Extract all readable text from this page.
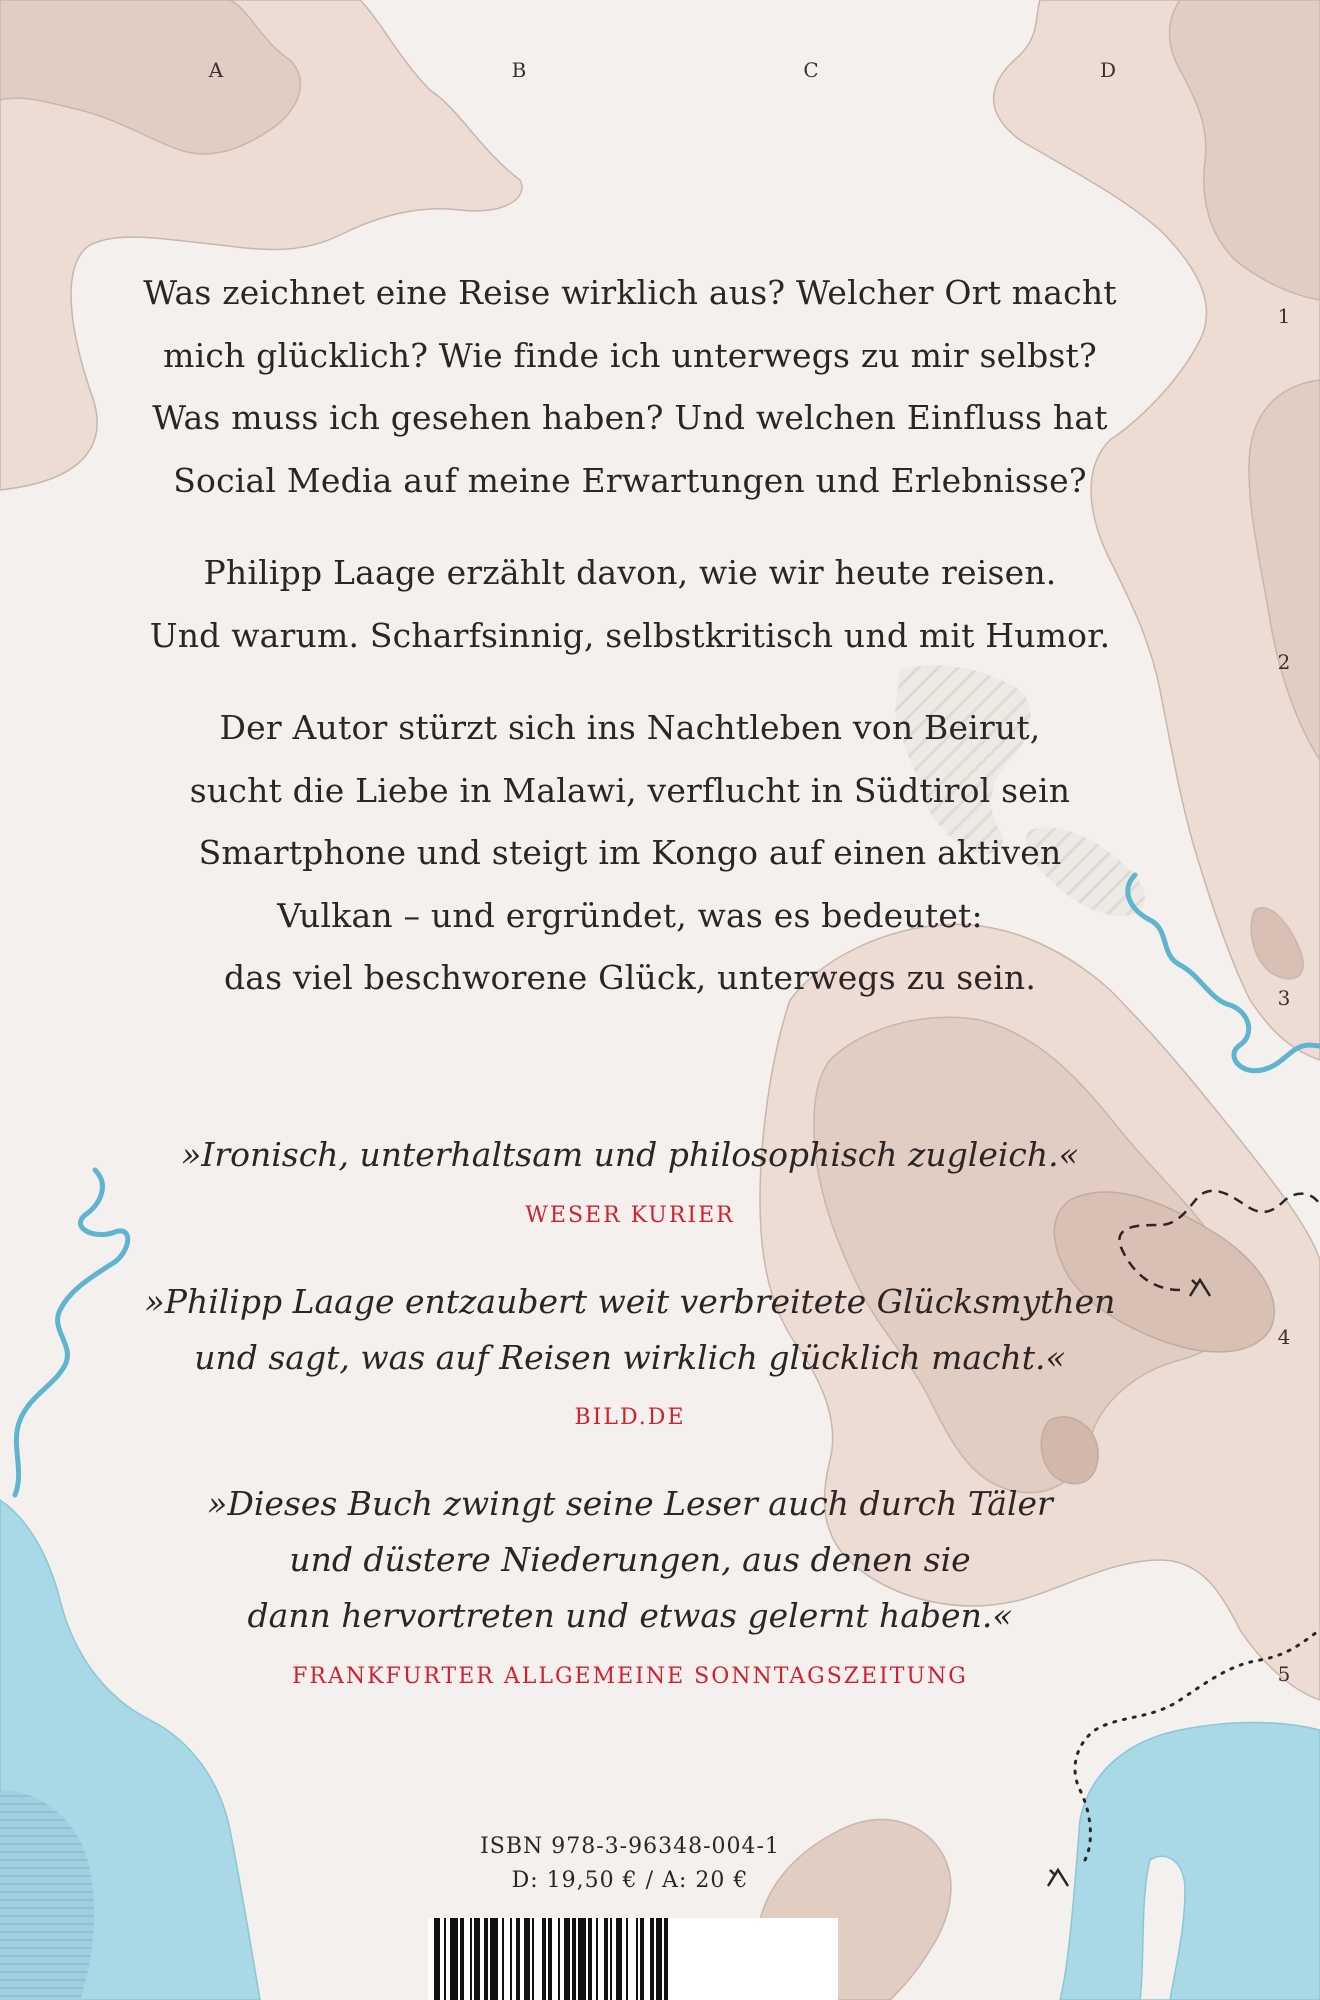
A	B	C	D
1
2
3
4
5

Was zeichnet eine Reise wirklich aus? Welcher Ort macht
mich glücklich? Wie finde ich unterwegs zu mir selbst?
Was muss ich gesehen haben? Und welchen Einfluss hat
Social Media auf meine Erwartungen und Erlebnisse?

Philipp Laage erzählt davon, wie wir heute reisen.
Und warum. Scharfsinnig, selbstkritisch und mit Humor.

Der Autor stürzt sich ins Nachtleben von Beirut,
sucht die Liebe in Malawi, verflucht in Südtirol sein
Smartphone und steigt im Kongo auf einen aktiven
Vulkan – und ergründet, was es bedeutet:
das viel beschworene Glück, unterwegs zu sein.

»Ironisch, unterhaltsam und philosophisch zugleich.«
WESER KURIER
»Philipp Laage entzaubert weit verbreitete Glücksmythen
und sagt, was auf Reisen wirklich glücklich macht.«
BILD.DE
»Dieses Buch zwingt seine Leser auch durch Täler
und düstere Niederungen, aus denen sie
dann hervortreten und etwas gelernt haben.«
FRANKFURTER ALLGEMEINE SONNTAGSZEITUNG
ISBN 978-3-96348-004-1
D: 19,50 € / A: 20 €
